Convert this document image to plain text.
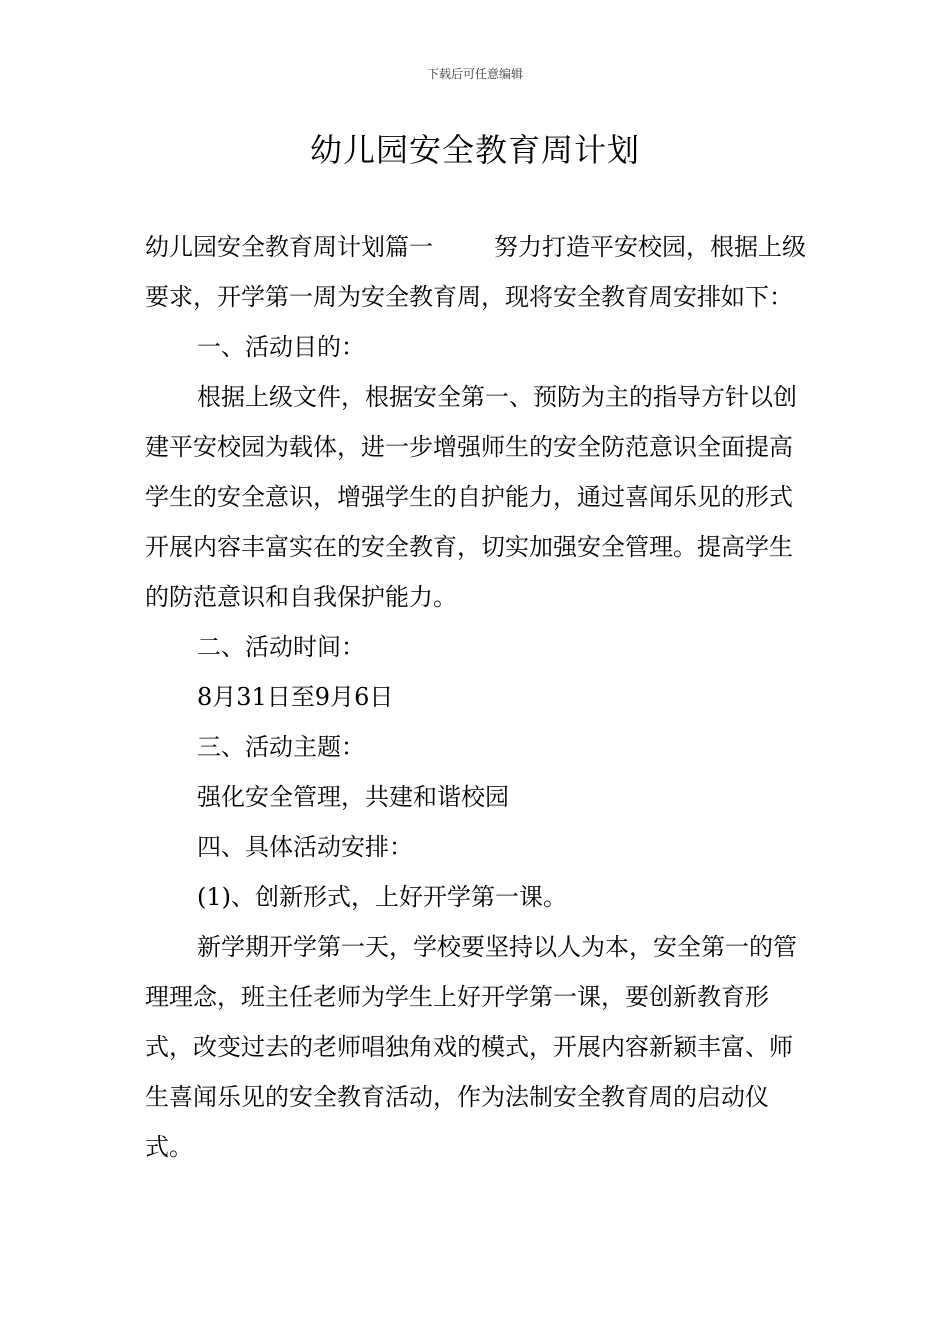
下载后可任意编辑
幼儿园安全教育周计划

幼儿园安全教育周计划篇一        努力打造平安校园，根据上级要求，开学第一周为安全教育周，现将安全教育周安排如下：

一、活动目的：

根据上级文件，根据安全第一、预防为主的指导方针以创建平安校园为载体，进一步增强师生的安全防范意识全面提高学生的安全意识，增强学生的自护能力，通过喜闻乐见的形式开展内容丰富实在的安全教育，切实加强安全管理。提高学生的防范意识和自我保护能力。

二、活动时间：

8月31日至9月6日

三、活动主题：

强化安全管理，共建和谐校园

四、具体活动安排：

(1)、创新形式，上好开学第一课。

新学期开学第一天，学校要坚持以人为本，安全第一的管理理念，班主任老师为学生上好开学第一课，要创新教育形式，改变过去的老师唱独角戏的模式，开展内容新颖丰富、师生喜闻乐见的安全教育活动，作为法制安全教育周的启动仪式。
